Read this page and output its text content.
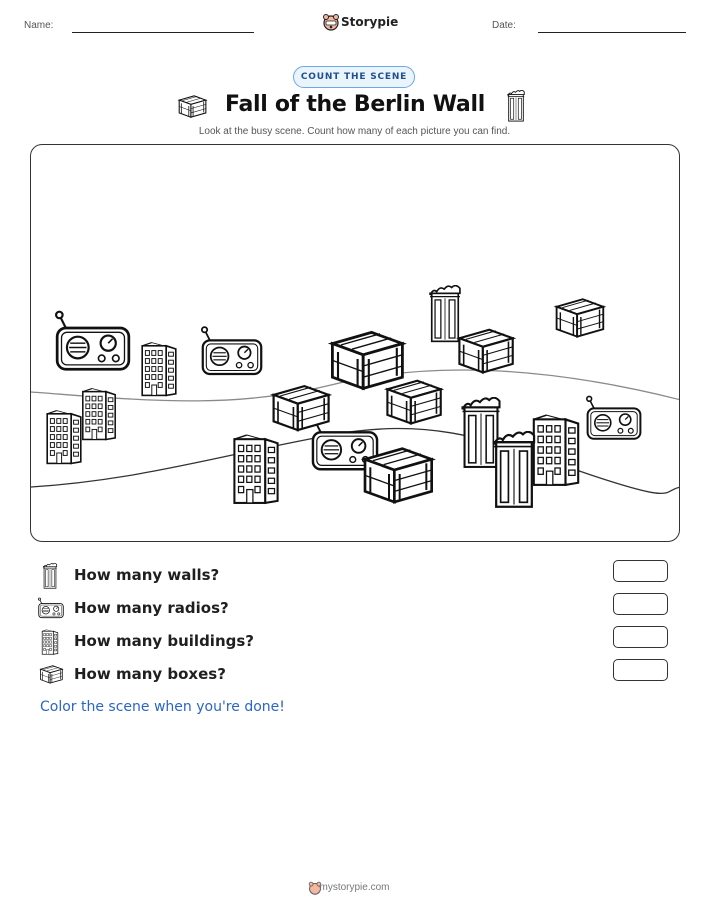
Name:	Storypie	Date:
COUNT THE SCENE
Fall of the Berlin Wall
Look at the busy scene. Count how many of each picture you can find.
How many walls?
How many radios?
How many buildings?
How many boxes?
Color the scene when you're done!
mystorypie.com
